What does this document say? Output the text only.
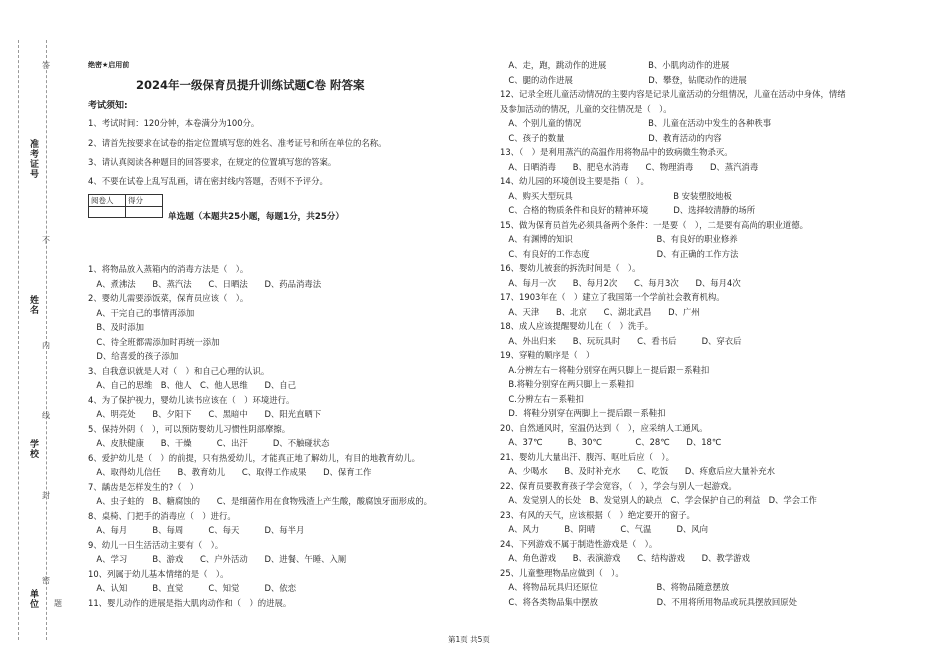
答
不
内
线
封
密
题
准考证号
姓名
学校
单位
绝密★启用前
2024年一级保育员提升训练试题C卷 附答案
考试须知:
1、考试时间：120分钟，本卷满分为100分。
2、请首先按要求在试卷的指定位置填写您的姓名、准考证号和所在单位的名称。
3、请认真阅读各种题目的回答要求，在规定的位置填写您的答案。
4、不要在试卷上乱写乱画，请在密封线内答题，否则不予评分。
阅卷人	得分

单选题（本题共25小题，每题1分，共25分）
1、将物品放入蒸箱内的消毒方法是（　）。
　A、煮沸法　　B、蒸汽法　　C、日晒法　　D、药品消毒法
2、婴幼儿需要添饭菜，保育员应该（　）。
　A、干完自己的事情再添加
　B、及时添加
　C、待全班都需添加时再统一添加
　D、给喜爱的孩子添加
3、自我意识就是人对（　）和自己心理的认识。
　A、自己的思维　B、他人　C、他人思维　　D、自己
4、为了保护视力，婴幼儿读书应该在（　）环境进行。
　A、明亮处　　B、夕阳下　　C、黑暗中　　D、阳光直晒下
5、保持外阴（　），可以预防婴幼儿习惯性阴部摩擦。
　A、皮肤健康　　B、干燥　　　C、出汗　　　D、不触碰状态
6、爱护幼儿是（　）的前提，只有热爱幼儿，才能真正地了解幼儿，有目的地教育幼儿。
　A、取得幼儿信任　　B、教育幼儿　　C、取得工作成果　　D、保育工作
7、龋齿是怎样发生的?（　）
　A、虫子蛀的　B、糖腐蚀的　　C、是细菌作用在食物残渣上产生酸，酸腐蚀牙面形成的。
8、桌椅、门把手的消毒应（　）进行。
　A、每月　　　B、每周　　　C、每天　　　D、每半月
9、幼儿一日生活活动主要有（　）。
　A、学习　　　B、游戏　　C、户外活动　　D、进餐、午睡、入厕
10、列属于幼儿基本情绪的是（　）。
　A、认知　　　B、直觉　　　C、知觉　　　D、依恋
11、婴儿动作的进展是指大肌肉动作和（　）的进展。
　A、走，跑，跳动作的进展　　　　　B、小肌肉动作的进展
　C、腿的动作进展　　　　　　　　　D、攀登，钻爬动作的进展
12、记录全班儿童活动情况的主要内容是记录儿童活动的分组情况，儿童在活动中身体，情绪
及参加活动的情况，儿童的交往情况是（　）。
　A、个别儿童的情况　　　　　　　　B、儿童在活动中发生的各种秩事
　C、孩子的数量　　　　　　　　　　D、教育活动的内容
13、（　）是利用蒸汽的高温作用将物品中的致病微生物杀灭。
　A、日晒消毒　　B、肥皂水消毒　　C、物理消毒　　D、蒸汽消毒
14、幼儿园的环境创设主要是指（　）。
　A、购买大型玩具　　　　　　　　　　　　B 安装塑胶地板
　C、合格的物质条件和良好的精神环境　　　D、选择较清静的场所
15、做为保育员首先必须具备两个条件：一是要（　），二是要有高尚的职业道德。
　A、有渊博的知识　　　　　　　　　　B、有良好的职业修养
　C、有良好的工作态度　　　　　　　　D、有正确的工作方法
16、婴幼儿被套的拆洗时间是（　）。
　A、每月一次　　B、每月2次　　C、每月3次　　D、每月4次
17、1903年在（　）建立了我国第一个学前社会教育机构。
　A、天津　　B、北京　　C、湖北武昌　　D、广州
18、成人应该提醒婴幼儿在（　）洗手。
　A、外出归来　　B、玩玩具时　　C、看书后　　　D、穿衣后
19、穿鞋的顺序是（　）
　A.分辨左右－将鞋分别穿在两只脚上－提后跟－系鞋扣
　B.将鞋分别穿在两只脚上－系鞋扣
　C.分辨左右－系鞋扣
　D．将鞋分别穿在两脚上－提后跟－系鞋扣
20、自然通风时，室温仍达到（　），应采纳人工通风。
　A、37℃　　　B、30℃　　　　C、28℃　　D、18℃
21、婴幼儿大量出汗、腹泻、呕吐后应（　）。
　A、少喝水　　B、及时补充水　　C、吃饭　　D、疼愈后应大量补充水
22、保育员要教育孩子学会宽容，（　），学会与别人一起游戏。
　A、发觉别人的长处　B、发觉别人的缺点　C、学会保护自己的利益　D、学会工作
23、有风的天气，应该根据（　）绝定要开的窗子。
　A、风力　　　B、阴晴　　　C、气温　　　D、风向
24、下列游戏不属于制造性游戏是（　）。
　A、角色游戏　　B、表演游戏　　C、结构游戏　　D、教学游戏
25、儿童整理物品应做到（　）。
　A、将物品玩具归还原位　　　　　　　B、将物品随意摆放
　C、将各类物品集中摆放　　　　　　　D、不用将所用物品或玩具摆放回原处
第1页 共5页
